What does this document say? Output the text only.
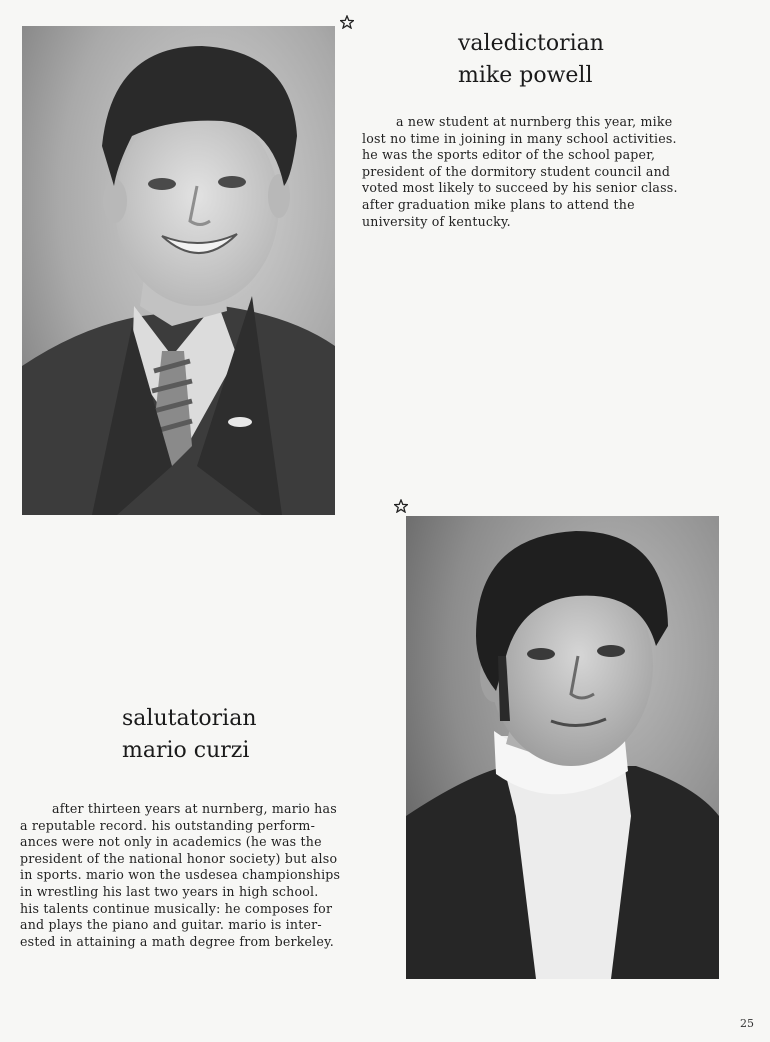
valedictorian
mike powell
a new student at nurnberg this year, mike
lost no time in joining in many school activities.
he was the sports editor of the school paper,
president of the dormitory student council and
voted most likely to succeed by his senior class.
after graduation mike plans to attend the
university of kentucky.
salutatorian
mario curzi
after thirteen years at nurnberg, mario has
a reputable record. his outstanding perform-
ances were not only in academics (he was the
president of the national honor society) but also
in sports. mario won the usdesea championships
in wrestling his last two years in high school.
his talents continue musically: he composes for
and plays the piano and guitar. mario is inter-
ested in attaining a math degree from berkeley.
25
